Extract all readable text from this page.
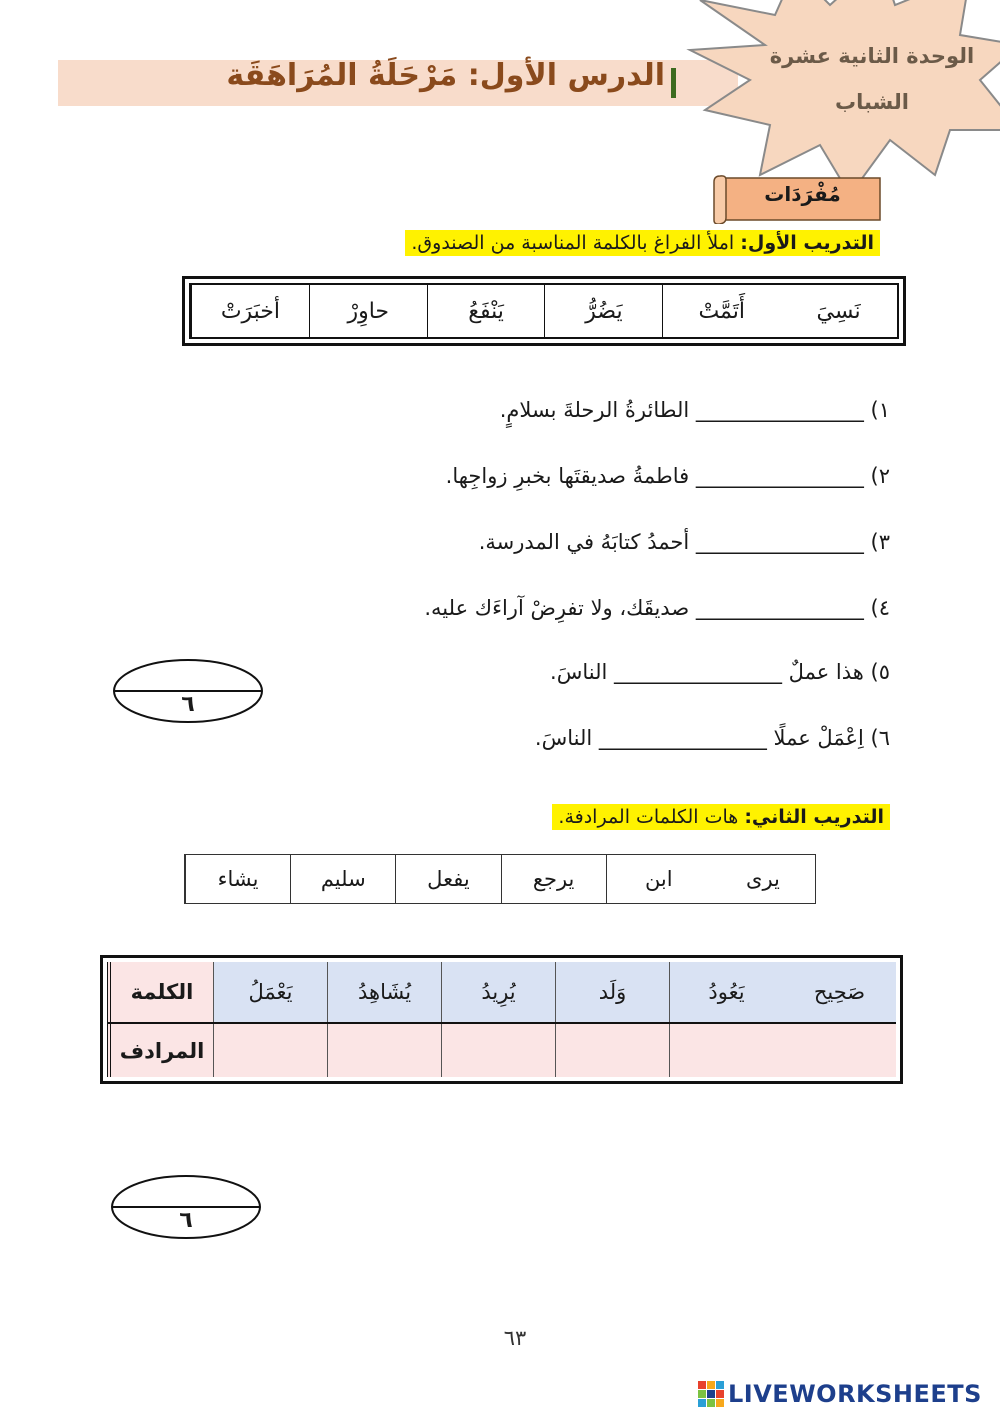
الدرس الأول: مَرْحَلَةُ المُرَاهَقَة
الوحدة الثانية عشرة
الشباب
مُفْرَدَات
التدريب الأول: املأ الفراغ بالكلمة المناسبة من الصندوق.
أخبَرَتْ	حاوِرْ	يَنْفَعُ	يَضُرُّ	أَتَمَّتْ	نَسِيَ
١) ________________ الطائرةُ الرحلةَ بسلامٍ.
٢) ________________ فاطمةُ صديقتَها بخبرِ زواجِها.
٣) ________________ أحمدُ كتابَهُ في المدرسة.
٤) ________________ صديقَك، ولا تفرِضْ آراءَك عليه.
٥) هذا عملٌ ________________ الناسَ.
٦) اِعْمَلْ عملًا ________________ الناسَ.
٦
التدريب الثاني: هات الكلمات المرادفة.
يشاء	سليم	يفعل	يرجع	ابن	يرى
الكلمة	يَعْمَلُ	يُشَاهِدُ	يُرِيدُ	وَلَد	يَعُودُ	صَحِيح
المرادف
٦
٦٣
LIVEWORKSHEETS
